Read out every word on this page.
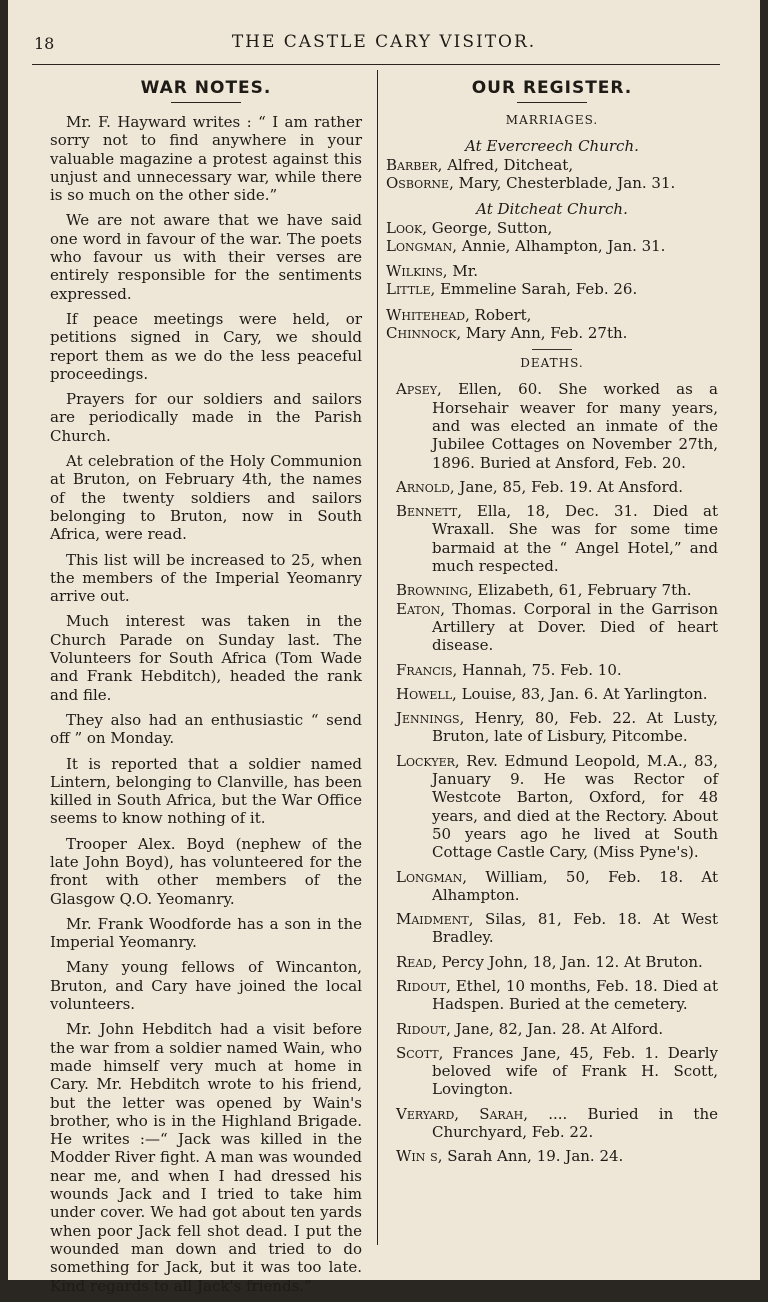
18	THE CASTLE CARY VISITOR.
WAR NOTES.

Mr. F. Hayward writes : “ I am rather sorry not to find anywhere in your valuable magazine a protest against this unjust and unnecessary war, while there is so much on the other side.”

We are not aware that we have said one word in favour of the war. The poets who favour us with their verses are entirely responsible for the sentiments expressed.

If peace meetings were held, or petitions signed in Cary, we should report them as we do the less peaceful proceedings.

Prayers for our soldiers and sailors are periodically made in the Parish Church.

At celebration of the Holy Communion at Bruton, on February 4th, the names of the twenty soldiers and sailors belonging to Bruton, now in South Africa, were read.

This list will be increased to 25, when the members of the Imperial Yeomanry arrive out.

Much interest was taken in the Church Parade on Sunday last. The Volunteers for South Africa (Tom Wade and Frank Hebditch), headed the rank and file.

They also had an enthusiastic “ send off ” on Monday.

It is reported that a soldier named Lintern, belonging to Clanville, has been killed in South Africa, but the War Office seems to know nothing of it.

Trooper Alex. Boyd (nephew of the late John Boyd), has volunteered for the front with other members of the Glasgow Q.O. Yeomanry.

Mr. Frank Woodforde has a son in the Imperial Yeomanry.

Many young fellows of Wincanton, Bruton, and Cary have joined the local volunteers.

Mr. John Hebditch had a visit before the war from a soldier named Wain, who made himself very much at home in Cary. Mr. Hebditch wrote to his friend, but the letter was opened by Wain's brother, who is in the Highland Brigade. He writes :—“ Jack was killed in the Modder River fight. A man was wounded near me, and when I had dressed his wounds Jack and I tried to take him under cover. We had got about ten yards when poor Jack fell shot dead. I put the wounded man down and tried to do something for Jack, but it was too late. Kind regards to all Jack's friends.”

OUR REGISTER.
MARRIAGES.
At Evercreech Church.
Barber, Alfred, Ditcheat,
Osborne, Mary, Chesterblade, Jan. 31.
At Ditcheat Church.
Look, George, Sutton,
Longman, Annie, Alhampton, Jan. 31.
Wilkins, Mr.
Little, Emmeline Sarah, Feb. 26.
Whitehead, Robert,
Chinnock, Mary Ann, Feb. 27th.
DEATHS.
Apsey, Ellen, 60. She worked as a Horsehair weaver for many years, and was elected an inmate of the Jubilee Cottages on November 27th, 1896. Buried at Ansford, Feb. 20.
Arnold, Jane, 85, Feb. 19. At Ansford.
Bennett, Ella, 18, Dec. 31. Died at Wraxall. She was for some time barmaid at the “ Angel Hotel,” and much respected.
Browning, Elizabeth, 61, February 7th.
Eaton, Thomas. Corporal in the Garrison Artillery at Dover. Died of heart disease.
Francis, Hannah, 75. Feb. 10.
Howell, Louise, 83, Jan. 6. At Yarlington.
Jennings, Henry, 80, Feb. 22. At Lusty, Bruton, late of Lisbury, Pitcombe.
Lockyer, Rev. Edmund Leopold, M.A., 83, January 9. He was Rector of Westcote Barton, Oxford, for 48 years, and died at the Rectory. About 50 years ago he lived at South Cottage Castle Cary, (Miss Pyne's).
Longman, William, 50, Feb. 18. At Alhampton.
Maidment, Silas, 81, Feb. 18. At West Bradley.
Read, Percy John, 18, Jan. 12. At Bruton.
Ridout, Ethel, 10 months, Feb. 18. Died at Hadspen. Buried at the cemetery.
Ridout, Jane, 82, Jan. 28. At Alford.
Scott, Frances Jane, 45, Feb. 1. Dearly beloved wife of Frank H. Scott, Lovington.
Veryard, Sarah, .... Buried in the Churchyard, Feb. 22.
Win s, Sarah Ann, 19. Jan. 24.
